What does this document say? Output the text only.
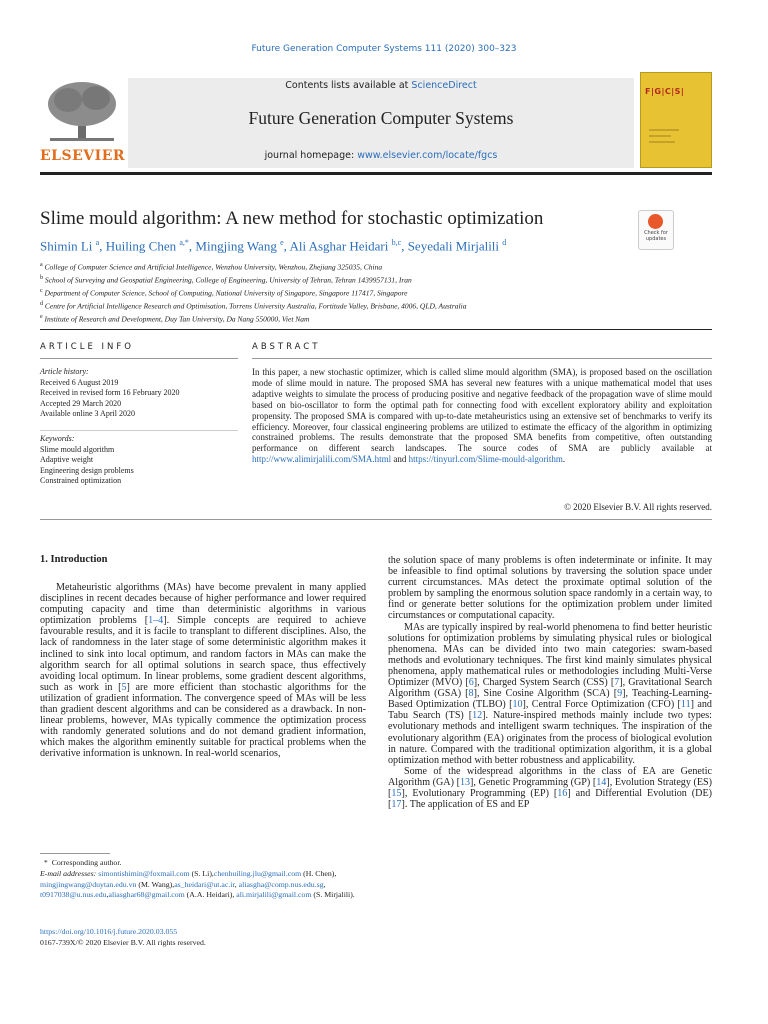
Future Generation Computer Systems 111 (2020) 300–323
ELSEVIER
Contents lists available at ScienceDirect
Future Generation Computer Systems
journal homepage: www.elsevier.com/locate/fgcs
F|G|C|S|
Slime mould algorithm: A new method for stochastic optimization
Check for updates
Shimin Li $^a$, Huiling Chen $^{a,*}$, Mingjing Wang $^e$, Ali Asghar Heidari $^{b,c}$, Seyedali Mirjalili $^d$
$^a$ College of Computer Science and Artificial Intelligence, Wenzhou University, Wenzhou, Zhejiang 325035, China
$^b$ School of Surveying and Geospatial Engineering, College of Engineering, University of Tehran, Tehran 1439957131, Iran
$^c$ Department of Computer Science, School of Computing, National University of Singapore, Singapore 117417, Singapore
$^d$ Centre for Artificial Intelligence Research and Optimisation, Torrens University Australia, Fortitude Valley, Brisbane, 4006, QLD, Australia
$^e$ Institute of Research and Development, Duy Tan University, Da Nang 550000, Viet Nam
ARTICLE INFO
Article history:
Received 6 August 2019
Received in revised form 16 February 2020
Accepted 29 March 2020
Available online 3 April 2020
Keywords:
Slime mould algorithm
Adaptive weight
Engineering design problems
Constrained optimization
ABSTRACT
In this paper, a new stochastic optimizer, which is called slime mould algorithm (SMA), is proposed based on the oscillation mode of slime mould in nature. The proposed SMA has several new features with a unique mathematical model that uses adaptive weights to simulate the process of producing positive and negative feedback of the propagation wave of slime mould based on bio-oscillator to form the optimal path for connecting food with excellent exploratory ability and exploitation propensity. The proposed SMA is compared with up-to-date metaheuristics using an extensive set of benchmarks to verify its efficiency. Moreover, four classical engineering problems are utilized to estimate the efficacy of the algorithm in optimizing constrained problems. The results demonstrate that the proposed SMA benefits from competitive, often outstanding performance on different search landscapes. The source codes of SMA are publicly available at http://www.alimirjalili.com/SMA.html and https://tinyurl.com/Slime-mould-algorithm.
© 2020 Elsevier B.V. All rights reserved.
1. Introduction

Metaheuristic algorithms (MAs) have become prevalent in many applied disciplines in recent decades because of higher performance and lower required computing capacity and time than deterministic algorithms in various optimization problems [1–4]. Simple concepts are required to achieve favourable results, and it is facile to transplant to different disciplines. Also, the lack of randomness in the later stage of some deterministic algorithm makes it inclined to sink into local optimum, and random factors in MAs can make the algorithm search for all optimal solutions in search space, thus effectively avoiding local optimum. In linear problems, some gradient descent algorithms, such as work in [5] are more efficient than stochastic algorithms for the utilization of gradient information. The convergence speed of MAs will be less than gradient descent algorithms and can be considered as a drawback. In non-linear problems, however, MAs typically commence the optimization process with randomly generated solutions and do not demand gradient information, which makes the algorithm eminently suitable for practical problems when the derivative information is unknown. In real-world scenarios,

the solution space of many problems is often indeterminate or infinite. It may be infeasible to find optimal solutions by traversing the solution space under current circumstances. MAs detect the proximate optimal solution of the problem by sampling the enormous solution space randomly in a certain way, to find or generate better solutions for the optimization problem under limited circumstances or computational capacity.

MAs are typically inspired by real-world phenomena to find better heuristic solutions for optimization problems by simulating physical rules or biological phenomena. MAs can be divided into two main categories: swam-based methods and evolutionary techniques. The first kind mainly simulates physical phenomena, apply mathematical rules or methodologies including Multi-Verse Optimizer (MVO) [6], Charged System Search (CSS) [7], Gravitational Search Algorithm (GSA) [8], Sine Cosine Algorithm (SCA) [9], Teaching-Learning-Based Optimization (TLBO) [10], Central Force Optimization (CFO) [11] and Tabu Search (TS) [12]. Nature-inspired methods mainly include two types: evolutionary methods and intelligent swarm techniques. The inspiration of the evolutionary algorithm (EA) originates from the process of biological evolution in nature. Compared with the traditional optimization algorithm, it is a global optimization method with better robustness and applicability.

Some of the widespread algorithms in the class of EA are Genetic Algorithm (GA) [13], Genetic Programming (GP) [14], Evolution Strategy (ES) [15], Evolutionary Programming (EP) [16] and Differential Evolution (DE) [17]. The application of ES and EP

*  Corresponding author.
E-mail addresses: simontishimin@foxmail.com (S. Li),chenhuiling.jlu@gmail.com (H. Chen), mingjingwang@duytan.edu.vn (M. Wang),as_heidari@ut.ac.ir, aliasgha@comp.nus.edu.sg, t0917038@u.nus.edu,aliasghar68@gmail.com (A.A. Heidari), ali.mirjalili@gmail.com (S. Mirjalili).
https://doi.org/10.1016/j.future.2020.03.055
0167-739X/© 2020 Elsevier B.V. All rights reserved.
